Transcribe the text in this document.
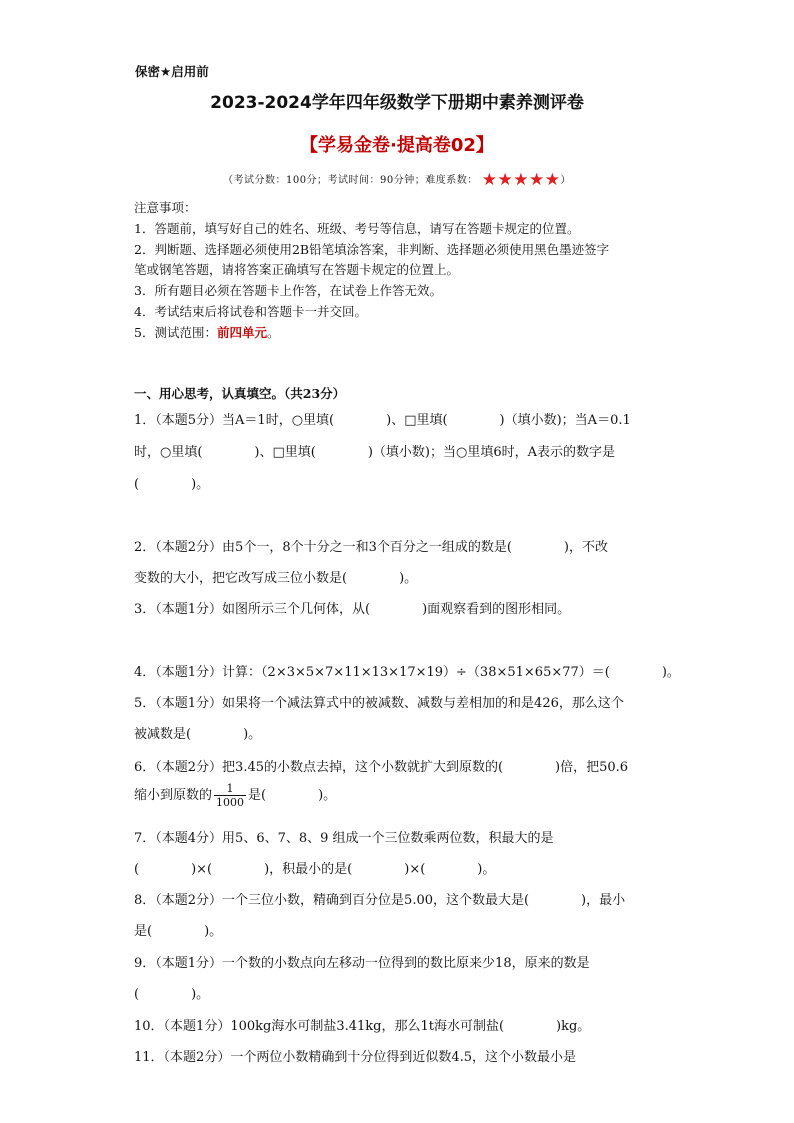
保密★启用前
2023-2024学年四年级数学下册期中素养测评卷
【学易金卷·提高卷02】
（考试分数：100分；考试时间：90分钟；难度系数： ★★★★★）
注意事项：
1．答题前，填写好自己的姓名、班级、考号等信息，请写在答题卡规定的位置。
2．判断题、选择题必须使用2B铅笔填涂答案，非判断、选择题必须使用黑色墨迹签字
笔或钢笔答题，请将答案正确填写在答题卡规定的位置上。
3．所有题目必须在答题卡上作答，在试卷上作答无效。
4．考试结束后将试卷和答题卡一并交回。
5．测试范围：前四单元。
一、用心思考，认真填空。（共23分）
1．（本题5分）当A＝1时，○里填(　　　　)、□里填(　　　　)（填小数)；当A＝0.1
时，○里填(　　　　)、□里填(　　　　)（填小数)；当○里填6时，A表示的数字是
(　　　　)。
2．（本题2分）由5个一，8个十分之一和3个百分之一组成的数是(　　　　)，不改
变数的大小，把它改写成三位小数是(　　　　)。
3．（本题1分）如图所示三个几何体，从(　　　　)面观察看到的图形相同。
4．（本题1分）计算：（2×3×5×7×11×13×17×19）÷（38×51×65×77）＝(　　　　)。
5．（本题1分）如果将一个减法算式中的被减数、减数与差相加的和是426，那么这个
被减数是(　　　　)。
6．（本题2分）把3.45的小数点去掉，这个小数就扩大到原数的(　　　　)倍，把50.6
缩小到原数的 $\frac{1}{1000}$ 是(　　　　)。
7．（本题4分）用5、6、7、8、9 组成一个三位数乘两位数，积最大的是
(　　　　)×(　　　　)，积最小的是(　　　　)×(　　　　)。
8．（本题2分）一个三位小数，精确到百分位是5.00，这个数最大是(　　　　)，最小
是(　　　　)。
9．（本题1分）一个数的小数点向左移动一位得到的数比原来少18，原来的数是
(　　　　)。
10．（本题1分）100kg海水可制盐3.41kg，那么1t海水可制盐(　　　　)kg。
11．（本题2分）一个两位小数精确到十分位得到近似数4.5，这个小数最小是
